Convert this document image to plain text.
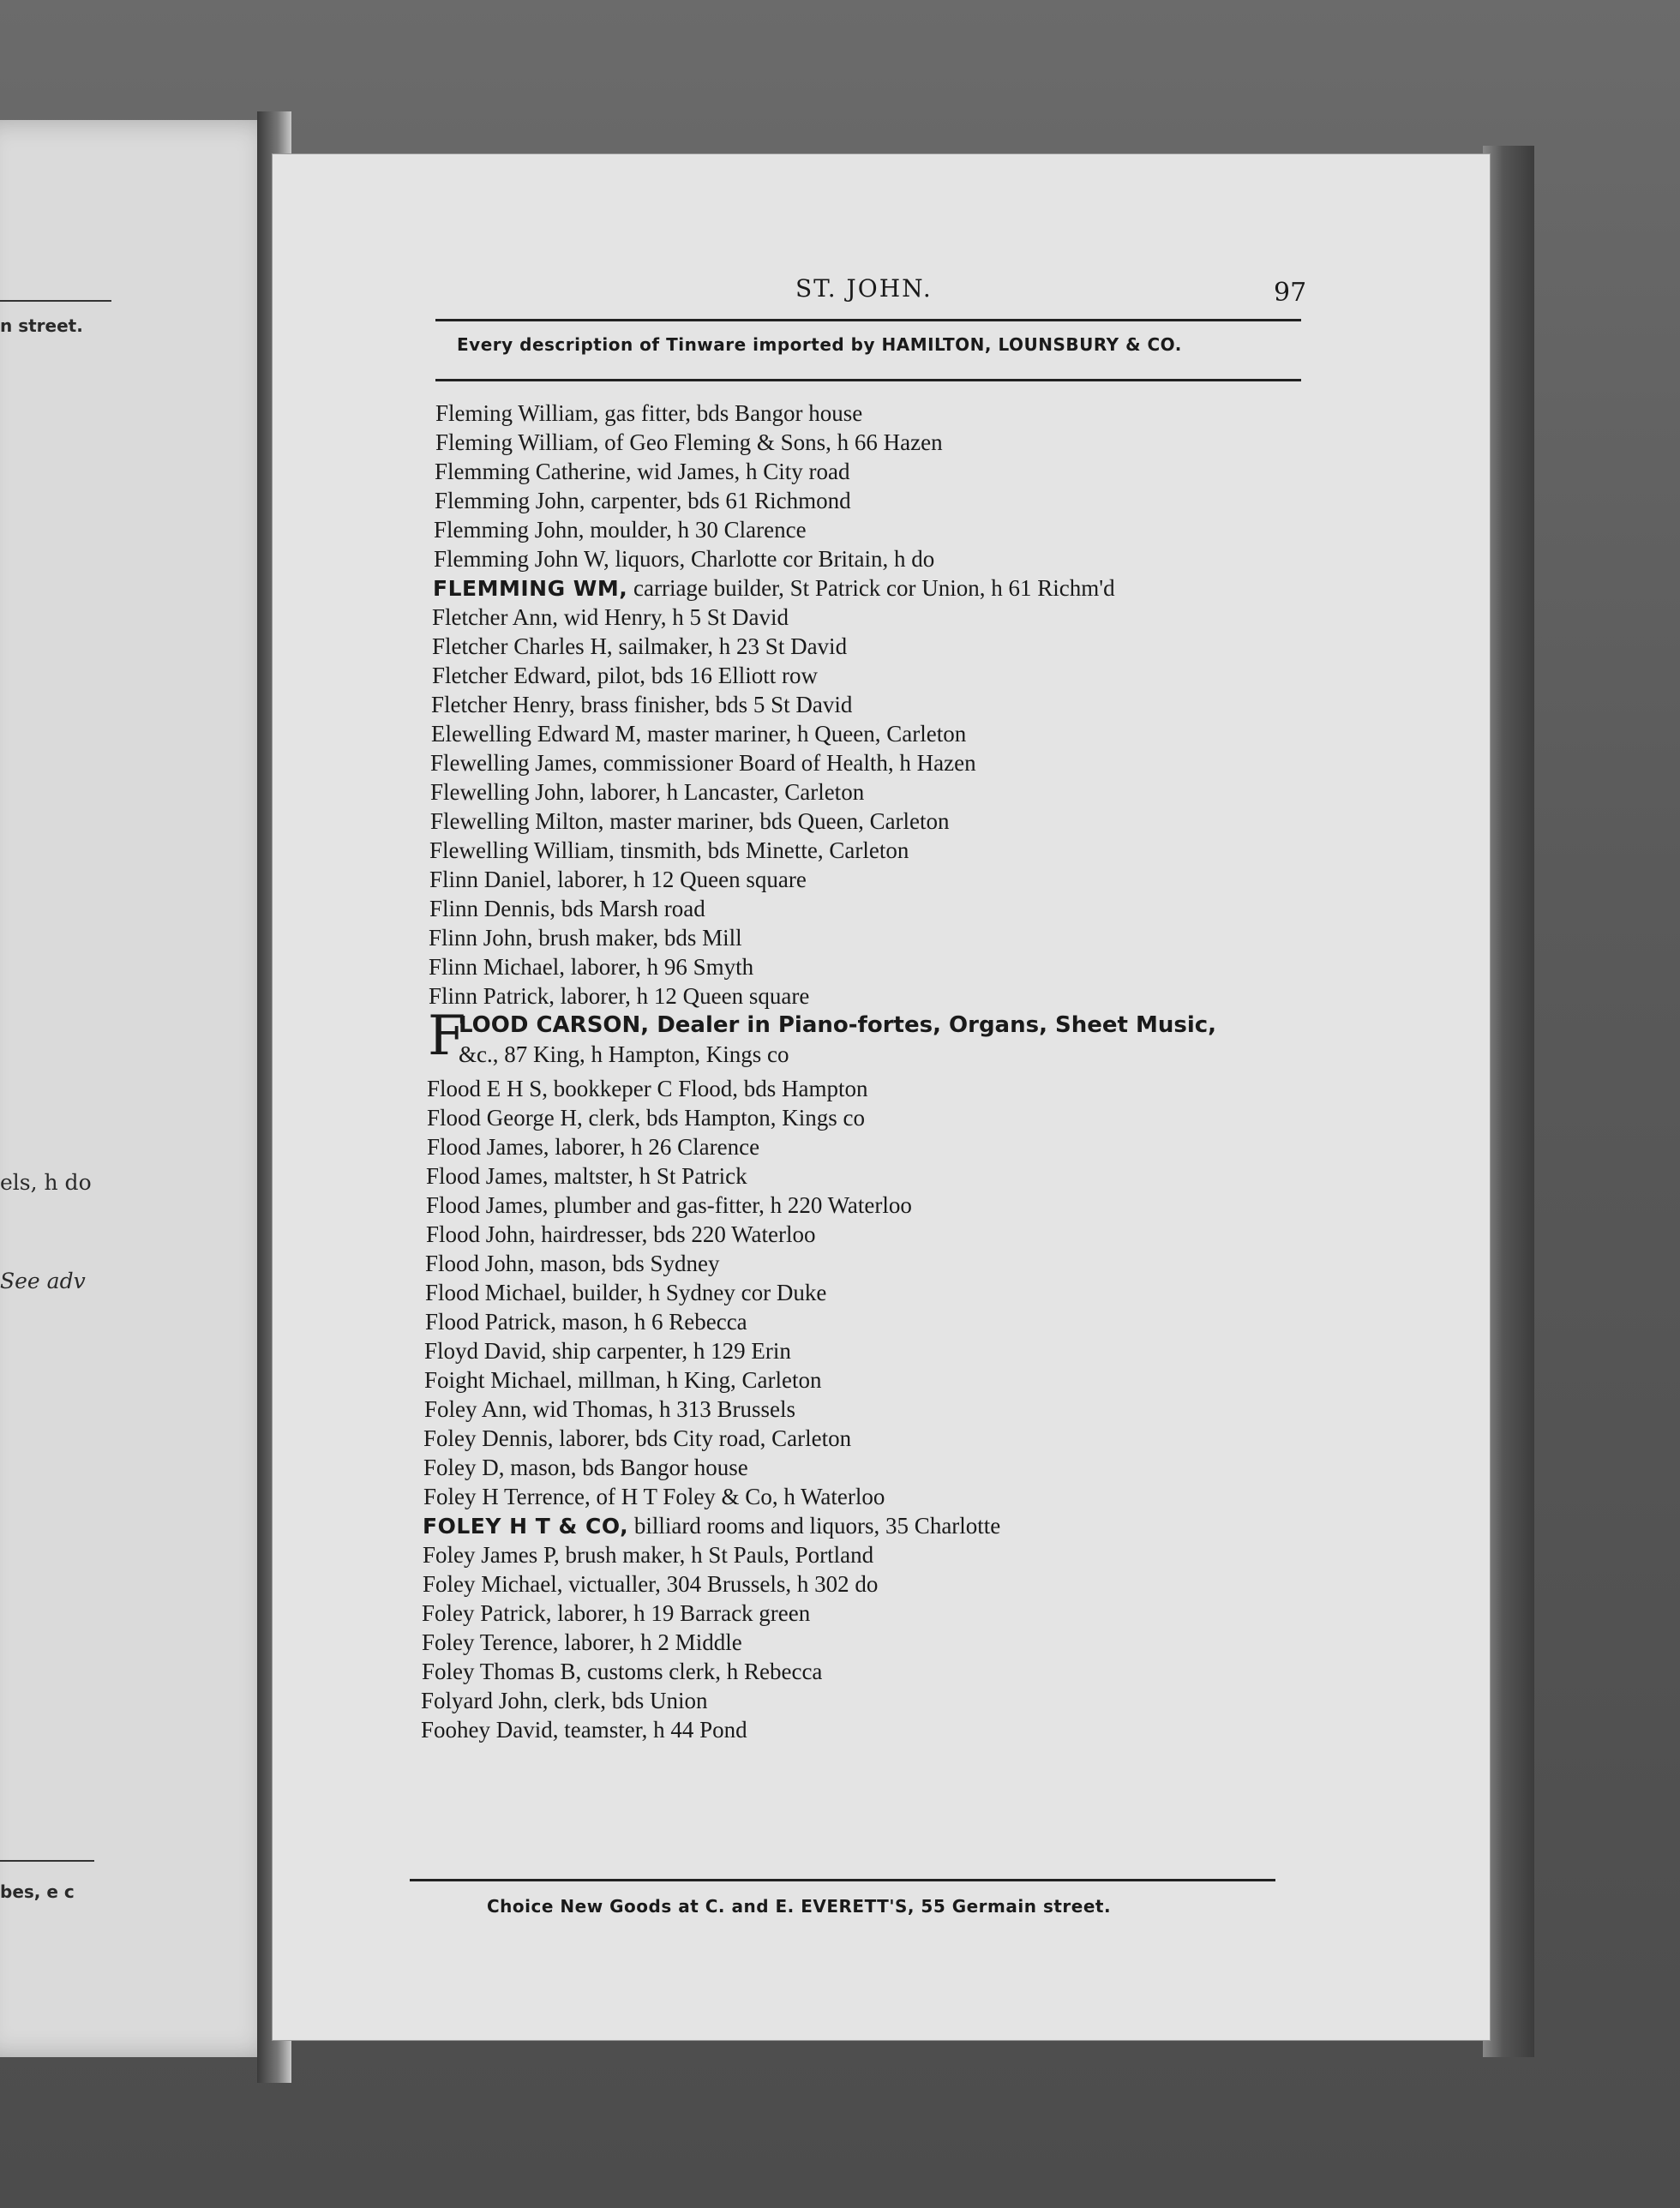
n street.
els, h do
See adv
bes, e c
ST. JOHN.	97
Every description of Tinware imported by HAMILTON, LOUNSBURY & CO.
Fleming William, gas fitter, bds Bangor house
Fleming William, of Geo Fleming & Sons, h 66 Hazen
Flemming Catherine, wid James, h City road
Flemming John, carpenter, bds 61 Richmond
Flemming John, moulder, h 30 Clarence
Flemming John W, liquors, Charlotte cor Britain, h do
FLEMMING WM, carriage builder, St Patrick cor Union, h 61 Richm'd
Fletcher Ann, wid Henry, h 5 St David
Fletcher Charles H, sailmaker, h 23 St David
Fletcher Edward, pilot, bds 16 Elliott row
Fletcher Henry, brass finisher, bds 5 St David
Elewelling Edward M, master mariner, h Queen, Carleton
Flewelling James, commissioner Board of Health, h Hazen
Flewelling John, laborer, h Lancaster, Carleton
Flewelling Milton, master mariner, bds Queen, Carleton
Flewelling William, tinsmith, bds Minette, Carleton
Flinn Daniel, laborer, h 12 Queen square
Flinn Dennis, bds Marsh road
Flinn John, brush maker, bds Mill
Flinn Michael, laborer, h 96 Smyth
Flinn Patrick, laborer, h 12 Queen square
F
LOOD CARSON, Dealer in Piano-fortes, Organs, Sheet Music,
&c., 87 King, h Hampton, Kings co
Flood E H S, bookkeper C Flood, bds Hampton
Flood George H, clerk, bds Hampton, Kings co
Flood James, laborer, h 26 Clarence
Flood James, maltster, h St Patrick
Flood James, plumber and gas-fitter, h 220 Waterloo
Flood John, hairdresser, bds 220 Waterloo
Flood John, mason, bds Sydney
Flood Michael, builder, h Sydney cor Duke
Flood Patrick, mason, h 6 Rebecca
Floyd David, ship carpenter, h 129 Erin
Foight Michael, millman, h King, Carleton
Foley Ann, wid Thomas, h 313 Brussels
Foley Dennis, laborer, bds City road, Carleton
Foley D, mason, bds Bangor house
Foley H Terrence, of H T Foley & Co, h Waterloo
FOLEY H T & CO, billiard rooms and liquors, 35 Charlotte
Foley James P, brush maker, h St Pauls, Portland
Foley Michael, victualler, 304 Brussels, h 302 do
Foley Patrick, laborer, h 19 Barrack green
Foley Terence, laborer, h 2 Middle
Foley Thomas B, customs clerk, h Rebecca
Folyard John, clerk, bds Union
Foohey David, teamster, h 44 Pond
Choice New Goods at C. and E. EVERETT'S, 55 Germain street.
